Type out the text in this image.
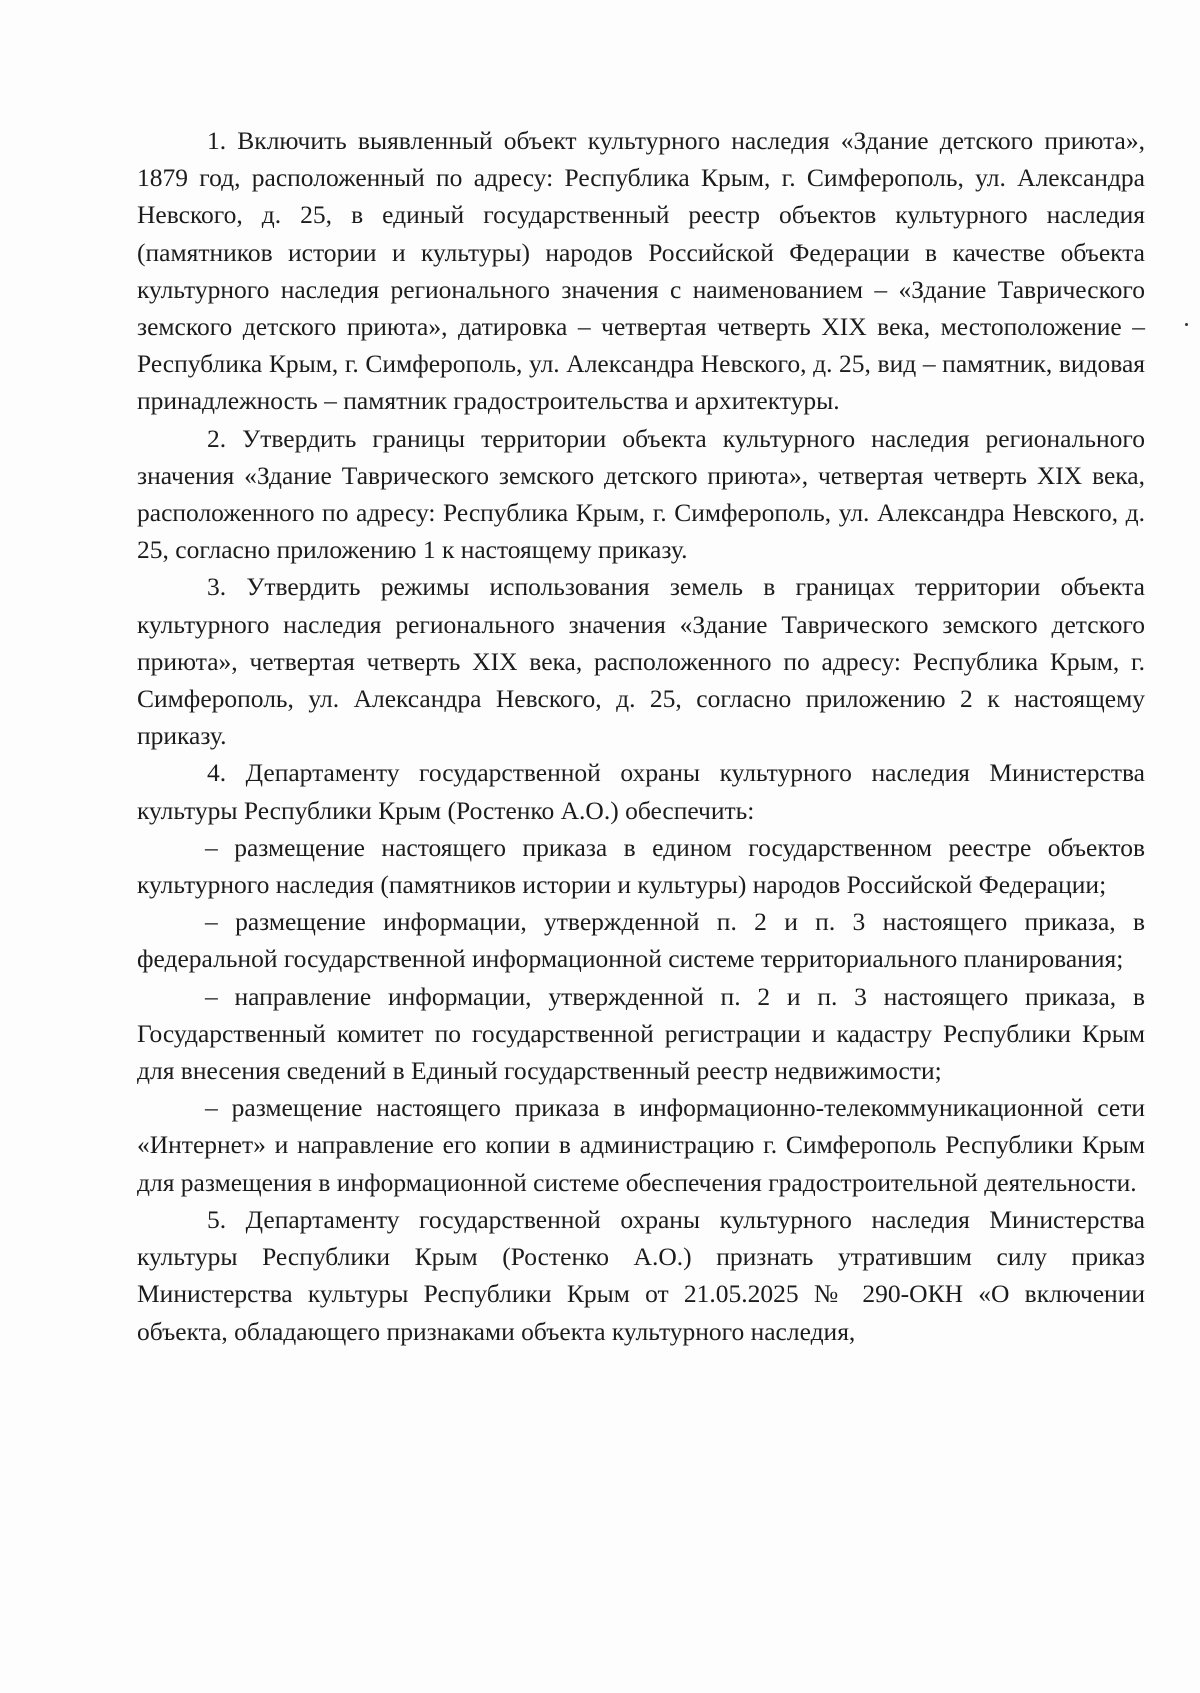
1. Включить выявленный объект культурного наследия «Здание детского приюта», 1879 год, расположенный по адресу: Республика Крым, г. Симферополь, ул. Александра Невского, д. 25, в единый государственный реестр объектов культурного наследия (памятников истории и культуры) народов Российской Федерации в качестве объекта культурного наследия регионального значения с наименованием – «Здание Таврического земского детского приюта», датировка – четвертая четверть XIX века, местоположение – Республика Крым, г. Симферополь, ул. Александра Невского, д. 25, вид – памятник, видовая принадлежность – памятник градостроительства и архитектуры.

2. Утвердить границы территории объекта культурного наследия регионального значения «Здание Таврического земского детского приюта», четвертая четверть XIX века, расположенного по адресу: Республика Крым, г. Симферополь, ул. Александра Невского, д. 25, согласно приложению 1 к настоящему приказу.

3. Утвердить режимы использования земель в границах территории объекта культурного наследия регионального значения «Здание Таврического земского детского приюта», четвертая четверть XIX века, расположенного по адресу: Республика Крым, г. Симферополь, ул. Александра Невского, д. 25, согласно приложению 2 к настоящему приказу.

4. Департаменту государственной охраны культурного наследия Министерства культуры Республики Крым (Ростенко А.О.) обеспечить:

– размещение настоящего приказа в едином государственном реестре объектов культурного наследия (памятников истории и культуры) народов Российской Федерации;

– размещение информации, утвержденной п. 2 и п. 3 настоящего приказа, в федеральной государственной информационной системе территориального планирования;

– направление информации, утвержденной п. 2 и п. 3 настоящего приказа, в Государственный комитет по государственной регистрации и кадастру Республики Крым для внесения сведений в Единый государственный реестр недвижимости;

– размещение настоящего приказа в информационно-телекоммуникационной сети «Интернет» и направление его копии в администрацию г. Симферополь Республики Крым для размещения в информационной системе обеспечения градостроительной деятельности.

5. Департаменту государственной охраны культурного наследия Министерства культуры Республики Крым (Ростенко А.О.) признать утратившим силу приказ Министерства культуры Республики Крым от 21.05.2025 № 290-ОКН «О включении объекта, обладающего признаками объекта культурного наследия,
